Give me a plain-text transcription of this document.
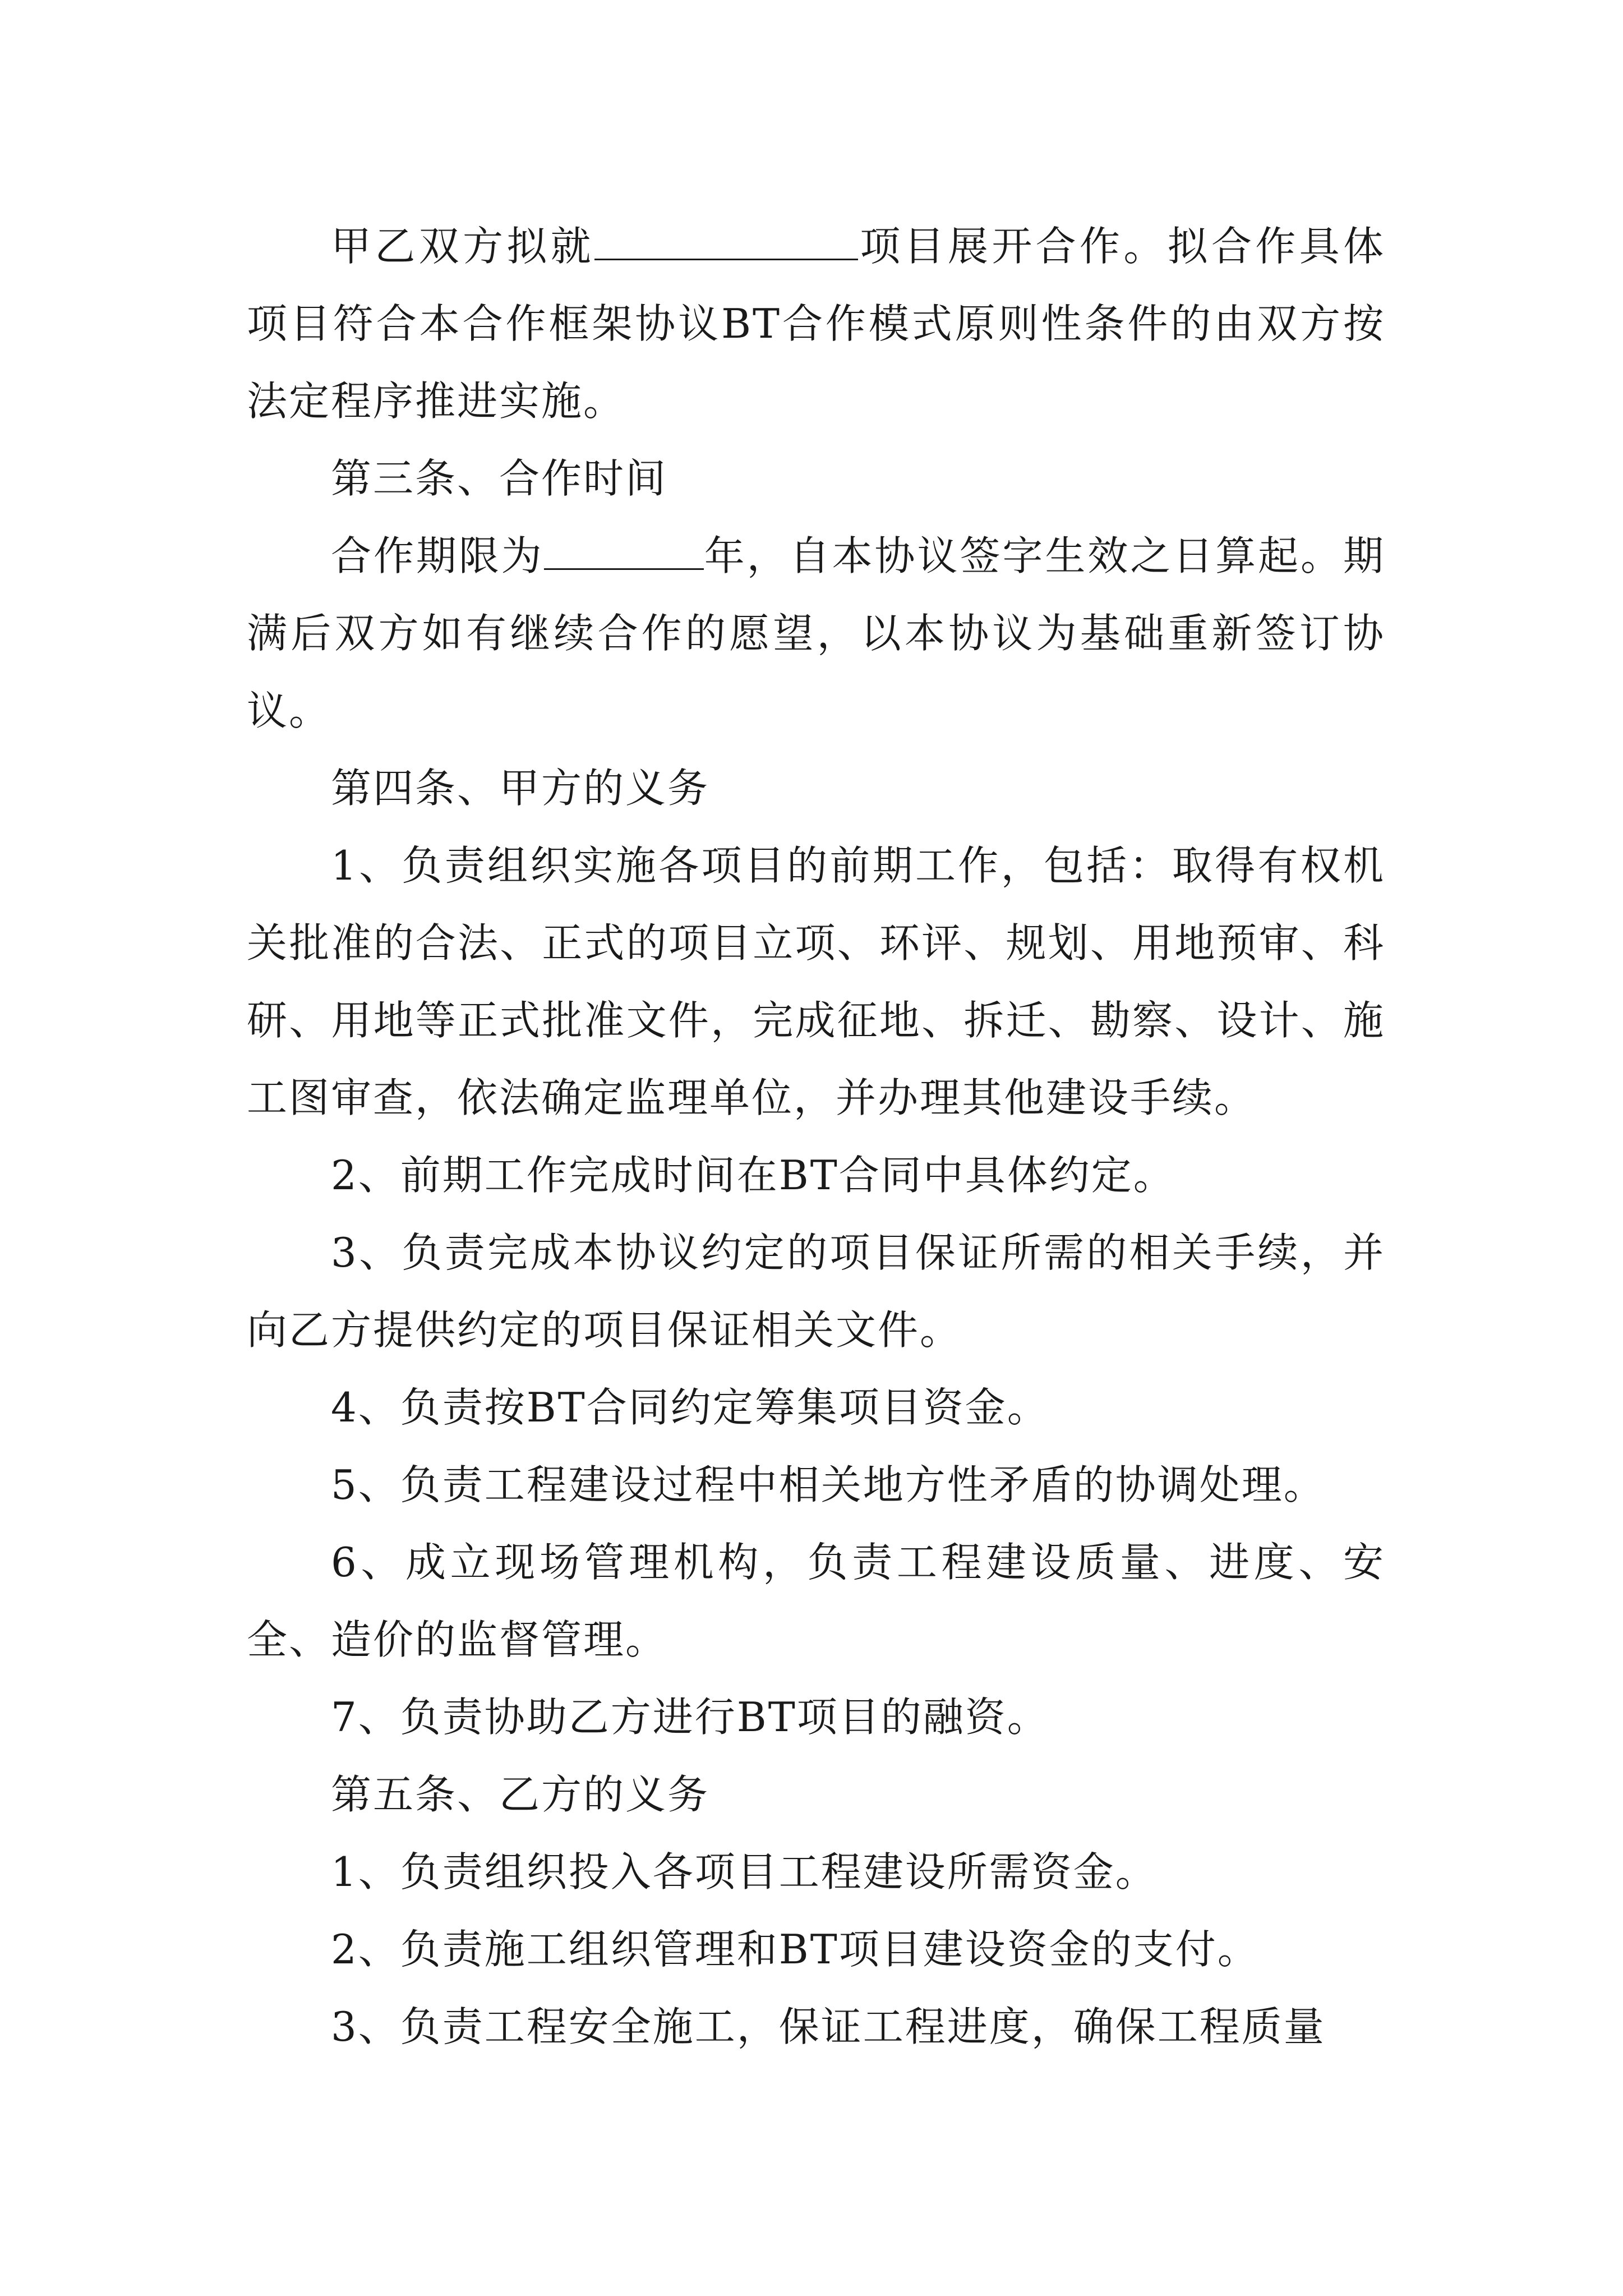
甲乙双方拟就	项目展开合作。拟合作具体项目符合本合作框架协议BT合作模式原则性条件的由双方按法定程序推进实施。

第三条、合作时间

合作期限为	年，自本协议签字生效之日算起。期满后双方如有继续合作的愿望，以本协议为基础重新签订协议。

第四条、甲方的义务

1、负责组织实施各项目的前期工作，包括：取得有权机关批准的合法、正式的项目立项、环评、规划、用地预审、科研、用地等正式批准文件，完成征地、拆迁、勘察、设计、施工图审查，依法确定监理单位，并办理其他建设手续。

2、前期工作完成时间在BT合同中具体约定。

3、负责完成本协议约定的项目保证所需的相关手续，并向乙方提供约定的项目保证相关文件。

4、负责按BT合同约定筹集项目资金。

5、负责工程建设过程中相关地方性矛盾的协调处理。

6、成立现场管理机构，负责工程建设质量、进度、安全、造价的监督管理。

7、负责协助乙方进行BT项目的融资。

第五条、乙方的义务

1、负责组织投入各项目工程建设所需资金。

2、负责施工组织管理和BT项目建设资金的支付。

3、负责工程安全施工，保证工程进度，确保工程质量
